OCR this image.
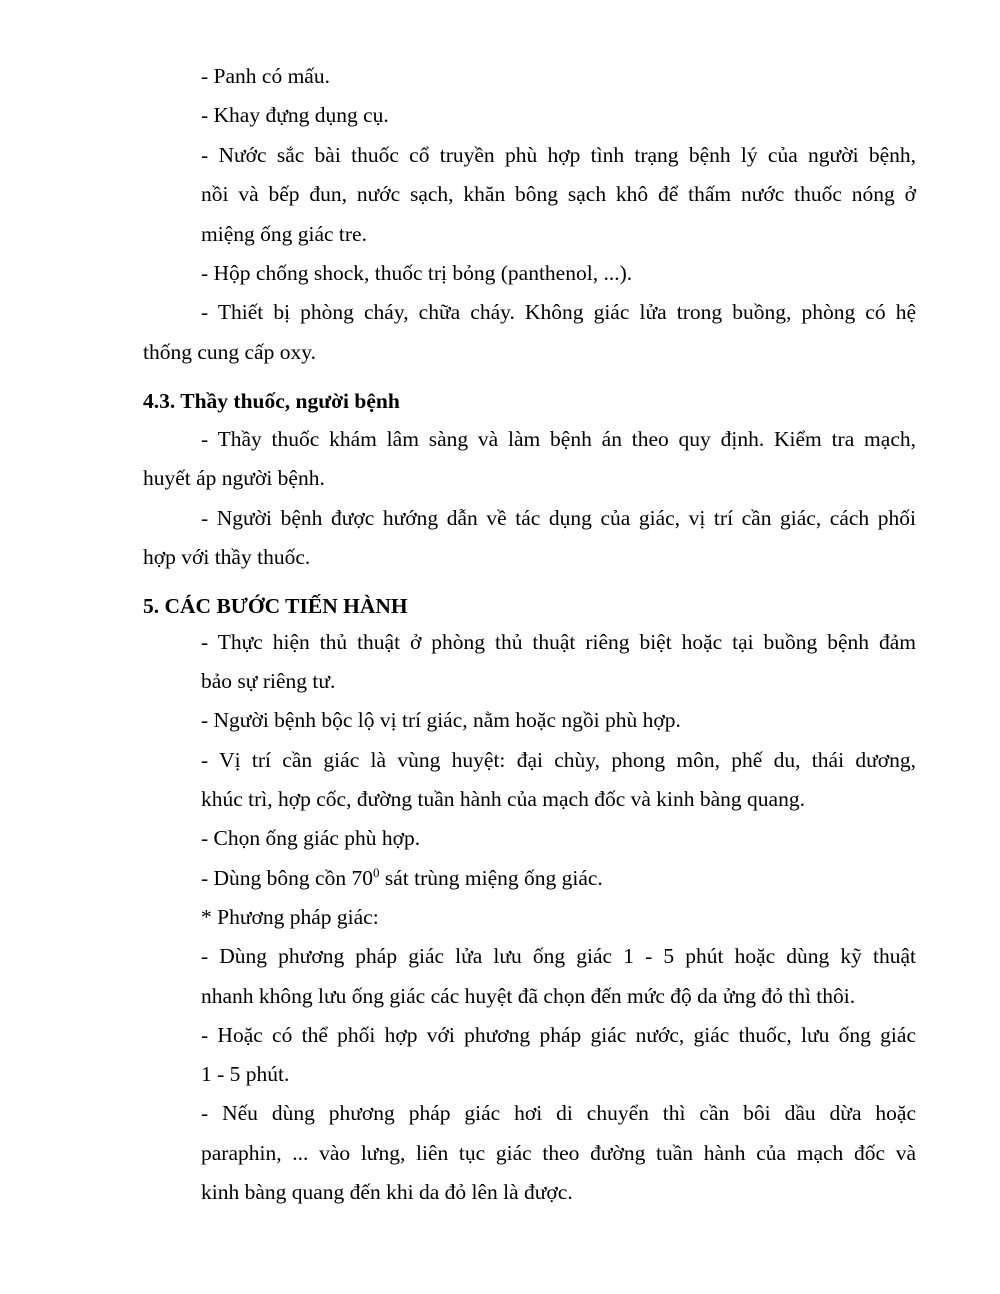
- Panh có mấu.
- Khay đựng dụng cụ.
- Nước sắc bài thuốc cổ truyền phù hợp tình trạng bệnh lý của người bệnh,
nồi và bếp đun, nước sạch, khăn bông sạch khô để thấm nước thuốc nóng ở
miệng ống giác tre.
- Hộp chống shock, thuốc trị bỏng (panthenol, ...).
- Thiết bị phòng cháy, chữa cháy. Không giác lửa trong buồng, phòng có hệ
thống cung cấp oxy.
4.3. Thầy thuốc, người bệnh
- Thầy thuốc khám lâm sàng và làm bệnh án theo quy định. Kiểm tra mạch,
huyết áp người bệnh.
- Người bệnh được hướng dẫn về tác dụng của giác, vị trí cần giác, cách phối
hợp với thầy thuốc.
5. CÁC BƯỚC TIẾN HÀNH
- Thực hiện thủ thuật ở phòng thủ thuật riêng biệt hoặc tại buồng bệnh đảm
bảo sự riêng tư.
- Người bệnh bộc lộ vị trí giác, nằm hoặc ngồi phù hợp.
- Vị trí cần giác là vùng huyệt: đại chùy, phong môn, phế du, thái dương,
khúc trì, hợp cốc, đường tuần hành của mạch đốc và kinh bàng quang.
- Chọn ống giác phù hợp.
- Dùng bông cồn $70^0$ sát trùng miệng ống giác.
* Phương pháp giác:
- Dùng phương pháp giác lửa lưu ống giác 1 - 5 phút hoặc dùng kỹ thuật
nhanh không lưu ống giác các huyệt đã chọn đến mức độ da ửng đỏ thì thôi.
- Hoặc có thể phối hợp với phương pháp giác nước, giác thuốc, lưu ống giác
1 - 5 phút.
- Nếu dùng phương pháp giác hơi di chuyển thì cần bôi dầu dừa hoặc
paraphin, ... vào lưng, liên tục giác theo đường tuần hành của mạch đốc và
kinh bàng quang đến khi da đỏ lên là được.
